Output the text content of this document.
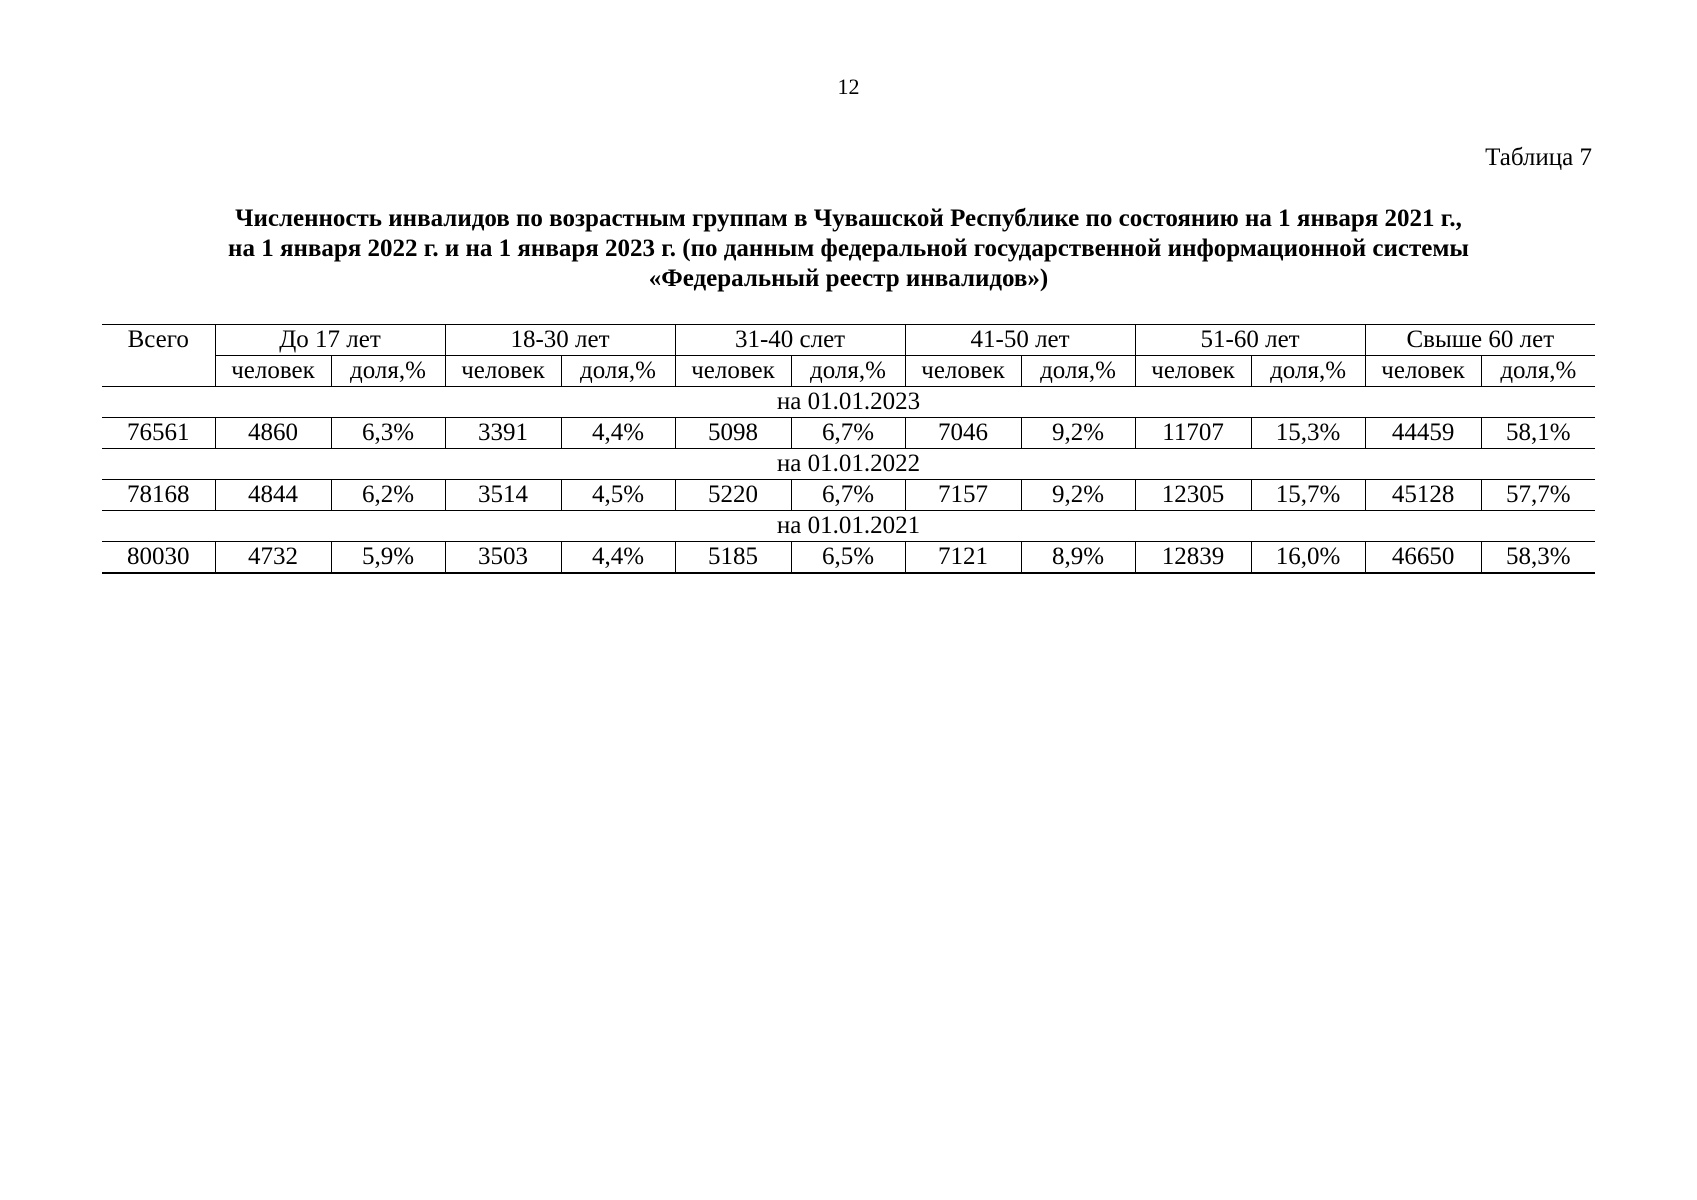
12
Таблица 7
Численность инвалидов по возрастным группам в Чувашской Республике по состоянию на 1 января 2021 г.,
на 1 января 2022 г. и на 1 января 2023 г. (по данным федеральной государственной информационной системы
«Федеральный реестр инвалидов»)
Всего	До 17 лет		18-30 лет		31-40 слет		41-50 лет		51-60 лет		Свыше 60 лет	
	человек	доля,%	человек	доля,%	человек	доля,%	человек	доля,%	человек	доля,%	человек	доля,%
на 01.01.2023												
76561	4860	6,3%	3391	4,4%	5098	6,7%	7046	9,2%	11707	15,3%	44459	58,1%
на 01.01.2022												
78168	4844	6,2%	3514	4,5%	5220	6,7%	7157	9,2%	12305	15,7%	45128	57,7%
на 01.01.2021												
80030	4732	5,9%	3503	4,4%	5185	6,5%	7121	8,9%	12839	16,0%	46650	58,3%
